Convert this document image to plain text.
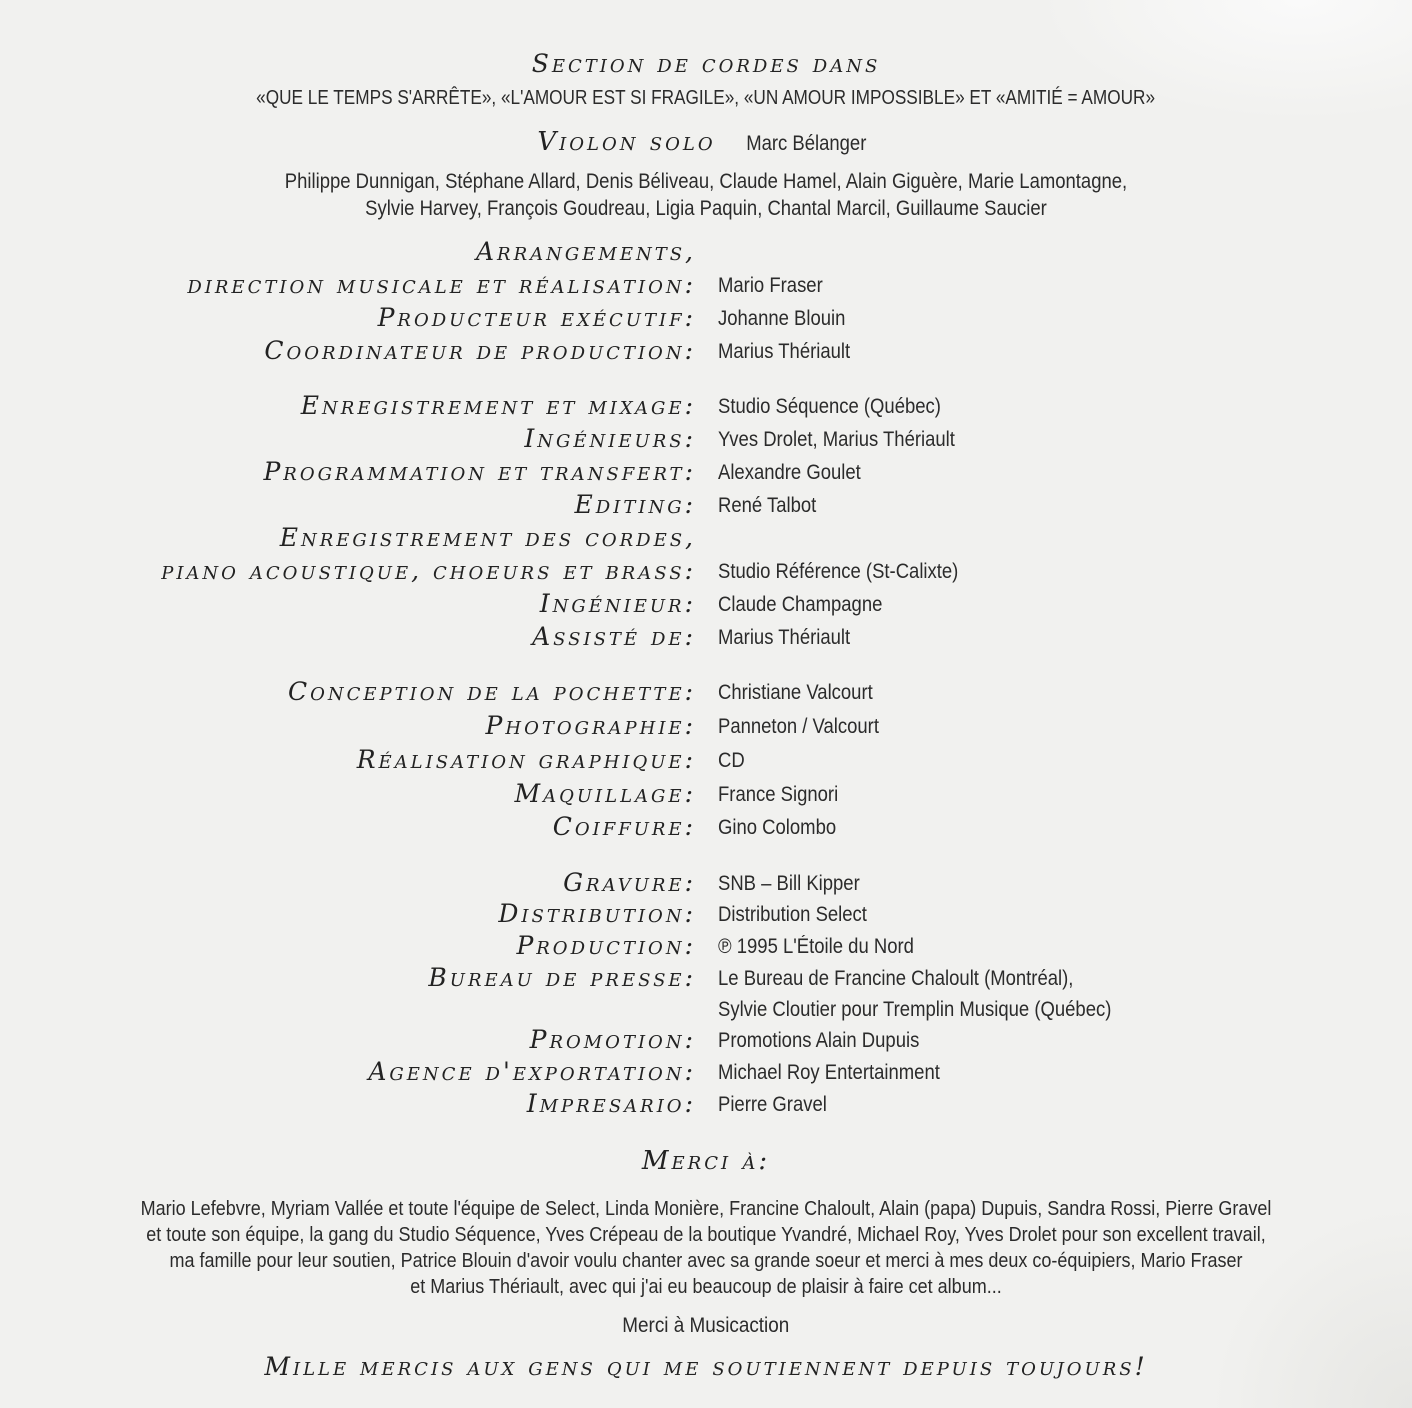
Section de cordes dans
«QUE LE TEMPS S'ARRÊTE», «L'AMOUR EST SI FRAGILE», «UN AMOUR IMPOSSIBLE» ET «AMITIÉ = AMOUR»
Violon solo Marc Bélanger
Philippe Dunnigan, Stéphane Allard, Denis Béliveau, Claude Hamel, Alain Giguère, Marie Lamontagne,
Sylvie Harvey, François Goudreau, Ligia Paquin, Chantal Marcil, Guillaume Saucier
Arrangements,
direction musicale et réalisation: Mario Fraser
Producteur exécutif: Johanne Blouin
Coordinateur de production: Marius Thériault
Enregistrement et mixage: Studio Séquence (Québec)
Ingénieurs: Yves Drolet, Marius Thériault
Programmation et transfert: Alexandre Goulet
Editing: René Talbot
Enregistrement des cordes,
piano acoustique, choeurs et brass: Studio Référence (St-Calixte)
Ingénieur: Claude Champagne
Assisté de: Marius Thériault
Conception de la pochette: Christiane Valcourt
Photographie: Panneton / Valcourt
Réalisation graphique: CD
Maquillage: France Signori
Coiffure: Gino Colombo
Gravure: SNB – Bill Kipper
Distribution: Distribution Select
Production: ℗ 1995 L'Étoile du Nord
Bureau de presse: Le Bureau de Francine Chaloult (Montréal),
Sylvie Cloutier pour Tremplin Musique (Québec)
Promotion: Promotions Alain Dupuis
Agence d'exportation: Michael Roy Entertainment
Impresario: Pierre Gravel
Merci à:
Mario Lefebvre, Myriam Vallée et toute l'équipe de Select, Linda Monière, Francine Chaloult, Alain (papa) Dupuis, Sandra Rossi, Pierre Gravel
et toute son équipe, la gang du Studio Séquence, Yves Crépeau de la boutique Yvandré, Michael Roy, Yves Drolet pour son excellent travail,
ma famille pour leur soutien, Patrice Blouin d'avoir voulu chanter avec sa grande soeur et merci à mes deux co-équipiers, Mario Fraser
et Marius Thériault, avec qui j'ai eu beaucoup de plaisir à faire cet album...
Merci à Musicaction
Mille mercis aux gens qui me soutiennent depuis toujours!
